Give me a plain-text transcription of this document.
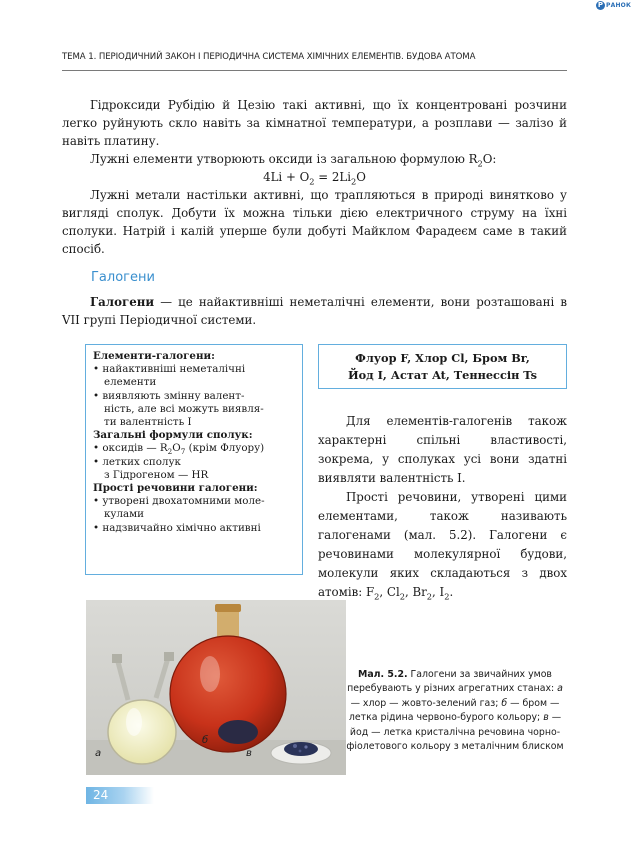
Р РАНОК
ТЕМА 1. ПЕРІОДИЧНИЙ ЗАКОН І ПЕРІОДИЧНА СИСТЕМА ХІМІЧНИХ ЕЛЕМЕНТІВ. БУДОВА АТОМА

Гідроксиди Рубідію й Цезію такі активні, що їх концентровані розчини легко руйнують скло навіть за кімнатної температури, а розплави — залізо й навіть платину.

Лужні елементи утворюють оксиди із загальною формулою $R_2O$:

$4Li + O_2 = 2Li_2O$

Лужні метали настільки активні, що трапляються в природі винятково у вигляді сполук. Добути їх можна тільки дією електричного струму на їхні сполуки. Натрій і калій уперше були добуті Майклом Фарадеєм саме в такий спосіб.

Галогени

Галогени — це найактивніші неметалічні елементи, вони розташовані в VII групі Періодичної системи.

Елементи-галогени:
• найактивніші неметалічні
елементи
• виявляють змінну валент-
ність, але всі можуть виявля-
ти валентність I
Загальні формули сполук:
• оксидів — $R_2O_7$ (крім Флуору)
• летких сполук
з Гідрогеном — HR
Прості речовини галогени:
• утворені двохатомними моле-
кулами
• надзвичайно хімічно активні
Флуор F, Хлор Cl, Бром Br,
Йод I, Астат At, Теннессін Ts

Для елементів-галогенів також характерні спільні властивості, зокрема, у сполуках усі вони здатні виявляти валентність I.

Прості речовини, утворені цими елементами, також називають галогенами (мал. 5.2). Галогени є речовинами молекулярної будови, молекули яких складаються з двох атомів: $F_2$, $Cl_2$, $Br_2$, $I_2$.

а
б
в
Мал. 5.2. Галогени за звичайних умов перебувають у різних агрегатних станах: а — хлор — жовто-зелений газ; б — бром — летка рідина червоно-бурого кольору; в — йод — летка кристалічна речовина чорно-фіолетового кольору з металічним блиском
24
